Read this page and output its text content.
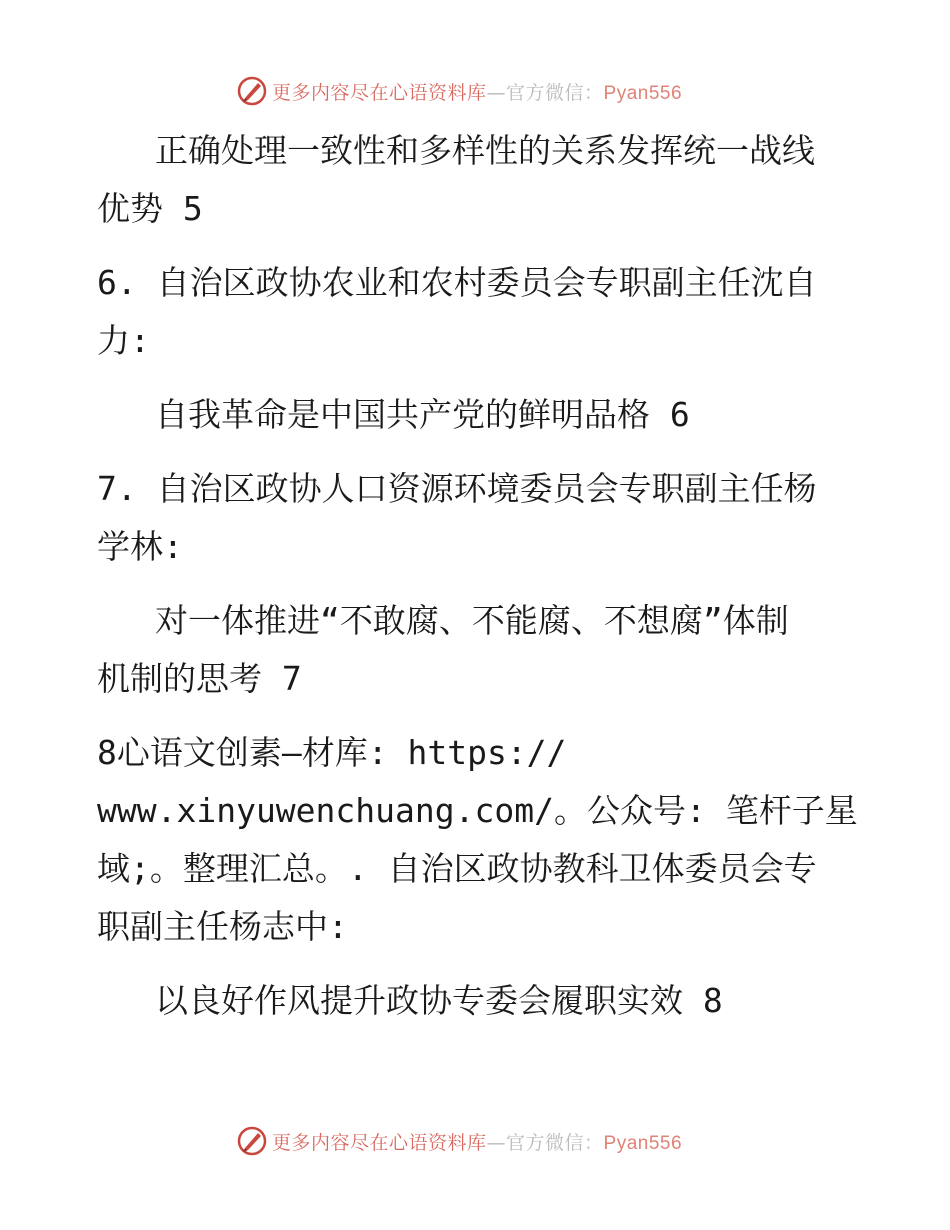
更多内容尽在心语资料库—官方微信：Pyan556
正确处理一致性和多样性的关系发挥统一战线
优势 5
6. 自治区政协农业和农村委员会专职副主任沈自
力:
自我革命是中国共产党的鲜明品格 6
7. 自治区政协人口资源环境委员会专职副主任杨
学林:
对一体推进“不敢腐、不能腐、不想腐”体制
机制的思考 7
8心语文创素—材库: https://
www.xinyuwenchuang.com/。公众号: 笔杆子星
域;。整理汇总。. 自治区政协教科卫体委员会专
职副主任杨志中:
以良好作风提升政协专委会履职实效 8
更多内容尽在心语资料库—官方微信：Pyan556
